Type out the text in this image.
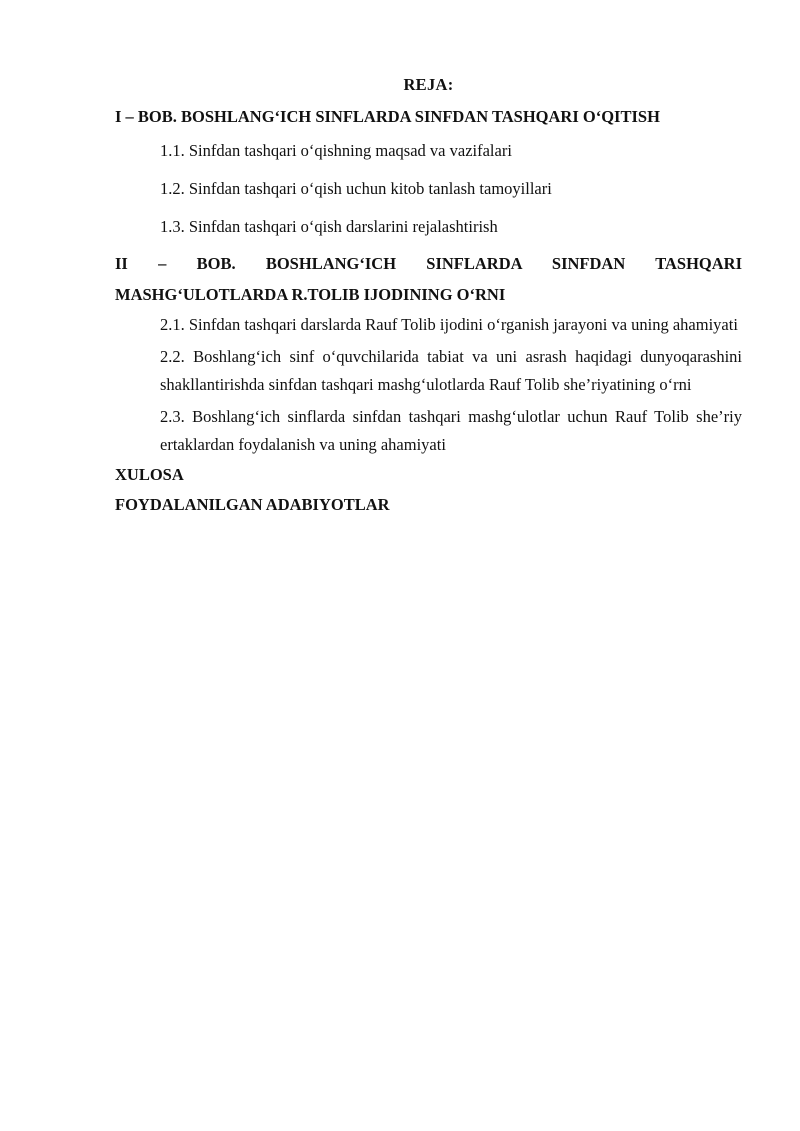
REJA:

I – BOB. BOSHLANG‘ICH SINFLARDA SINFDAN TASHQARI O‘QITISH

1.1. Sinfdan tashqari o‘qishning maqsad va vazifalari

1.2. Sinfdan tashqari o‘qish uchun kitob tanlash tamoyillari

1.3. Sinfdan tashqari o‘qish darslarini rejalashtirish

II – BOB. BOSHLANG‘ICH SINFLARDA SINFDAN TASHQARI
MASHG‘ULOTLARDA R.TOLIB IJODINING O‘RNI

2.1. Sinfdan tashqari darslarda Rauf Tolib ijodini o‘rganish jarayoni va uning ahamiyati

2.2. Boshlang‘ich sinf o‘quvchilarida tabiat va uni asrash haqidagi dunyoqarashini shakllantirishda sinfdan tashqari mashg‘ulotlarda Rauf Tolib she’riyatining o‘rni

2.3. Boshlang‘ich sinflarda sinfdan tashqari mashg‘ulotlar uchun Rauf Tolib she’riy ertaklardan foydalanish va uning ahamiyati

XULOSA

FOYDALANILGAN ADABIYOTLAR
